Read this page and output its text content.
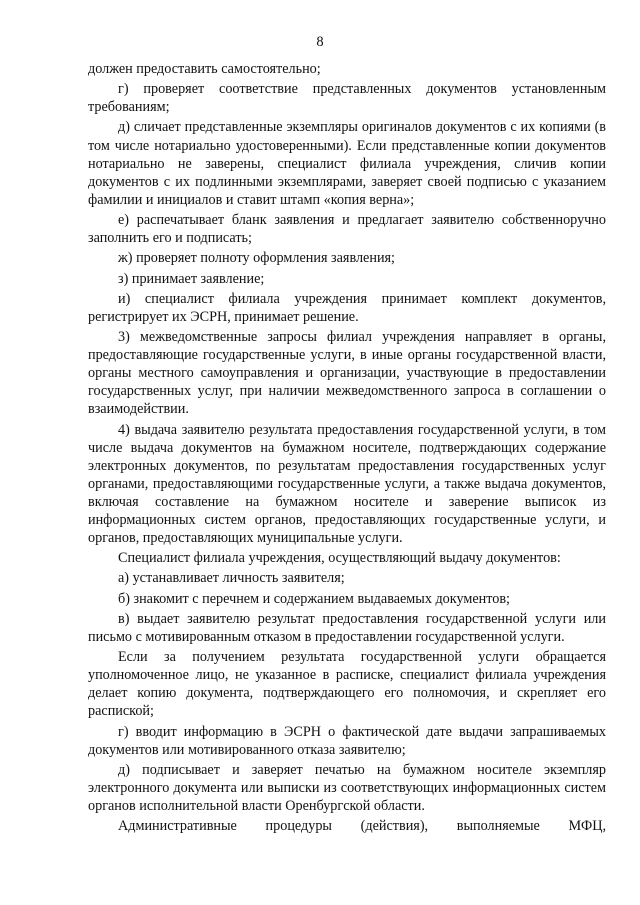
8

должен предоставить самостоятельно;

г) проверяет соответствие представленных документов установленным требованиям;

д) сличает представленные экземпляры оригиналов документов с их копиями (в том числе нотариально удостоверенными). Если представленные копии документов нотариально не заверены, специалист филиала учреждения, сличив копии документов с их подлинными экземплярами, заверяет своей подписью с указанием фамилии и инициалов и ставит штамп «копия верна»;

е) распечатывает бланк заявления и предлагает заявителю собственноручно заполнить его и подписать;

ж) проверяет полноту оформления заявления;

з) принимает заявление;

и) специалист филиала учреждения принимает комплект документов, регистрирует их ЭСРН, принимает решение.

3) межведомственные запросы филиал учреждения направляет в органы, предоставляющие государственные услуги, в иные органы государственной власти, органы местного самоуправления и организации, участвующие в предоставлении государственных услуг, при наличии межведомственного запроса в соглашении о взаимодействии.

4) выдача заявителю результата предоставления государственной услуги, в том числе выдача документов на бумажном носителе, подтверждающих содержание электронных документов, по результатам предоставления государственных услуг органами, предоставляющими государственные услуги, а также выдача документов, включая составление на бумажном носителе и заверение выписок из информационных систем органов, предоставляющих государственные услуги, и органов, предоставляющих муниципальные услуги.

Специалист филиала учреждения, осуществляющий выдачу документов:

а) устанавливает личность заявителя;

б) знакомит с перечнем и содержанием выдаваемых документов;

в) выдает заявителю результат предоставления государственной услуги или письмо с мотивированным отказом в предоставлении государственной услуги.

Если за получением результата государственной услуги обращается уполномоченное лицо, не указанное в расписке, специалист филиала учреждения делает копию документа, подтверждающего его полномочия, и скрепляет его распиской;

г) вводит информацию в ЭСРН о фактической дате выдачи запрашиваемых документов или мотивированного отказа заявителю;

д) подписывает и заверяет печатью на бумажном носителе экземпляр электронного документа или выписки из соответствующих информационных систем органов исполнительной власти Оренбургской области.

Административные процедуры (действия), выполняемые МФЦ,
